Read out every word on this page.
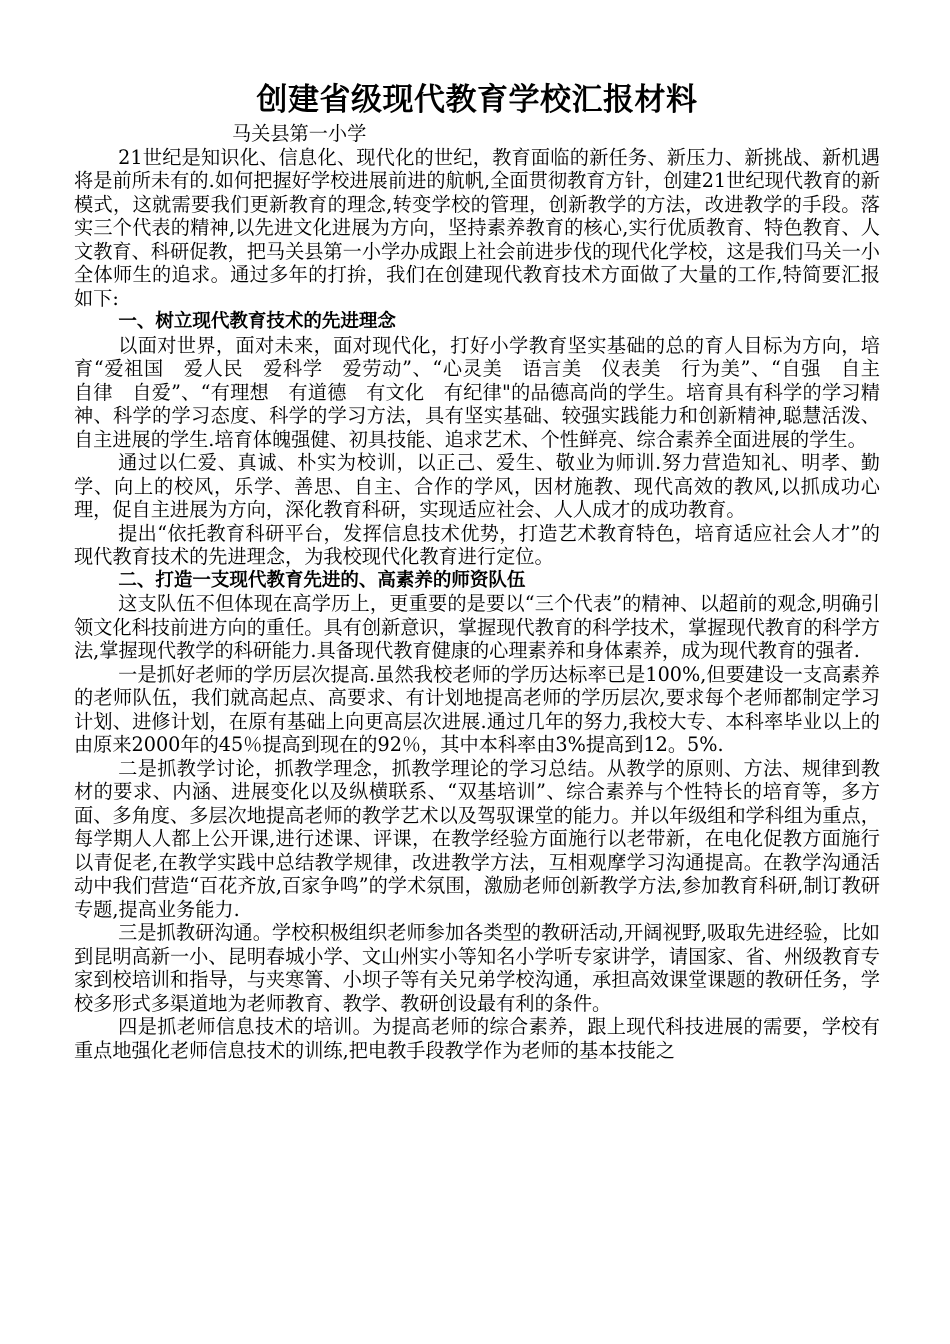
创建省级现代教育学校汇报材料

马关县第一小学

21世纪是知识化、信息化、现代化的世纪，教育面临的新任务、新压力、新挑战、新机遇将是前所未有的.如何把握好学校进展前进的航帆,全面贯彻教育方针，创建21世纪现代教育的新模式，这就需要我们更新教育的理念,转变学校的管理，创新教学的方法，改进教学的手段。落实三个代表的精神,以先进文化进展为方向，坚持素养教育的核心,实行优质教育、特色教育、人文教育、科研促教，把马关县第一小学办成跟上社会前进步伐的现代化学校，这是我们马关一小全体师生的追求。通过多年的打拚，我们在创建现代教育技术方面做了大量的工作,特简要汇报如下:

一、树立现代教育技术的先进理念

以面对世界，面对未来，面对现代化，打好小学教育坚实基础的总的育人目标为方向，培育“爱祖国　爱人民　爱科学　爱劳动”、“心灵美　语言美　仪表美　行为美”、“自强　自主　自律　自爱”、“有理想　有道德　有文化　有纪律"的品德高尚的学生。培育具有科学的学习精神、科学的学习态度、科学的学习方法，具有坚实基础、较强实践能力和创新精神,聪慧活泼、自主进展的学生.培育体魄强健、初具技能、追求艺术、个性鲜亮、综合素养全面进展的学生。

通过以仁爱、真诚、朴实为校训，以正己、爱生、敬业为师训.努力营造知礼、明孝、勤学、向上的校风，乐学、善思、自主、合作的学风，因材施教、现代高效的教风,以抓成功心理，促自主进展为方向，深化教育科研，实现适应社会、人人成才的成功教育。

提出“依托教育科研平台，发挥信息技术优势，打造艺术教育特色，培育适应社会人才”的现代教育技术的先进理念，为我校现代化教育进行定位。

二、打造一支现代教育先进的、高素养的师资队伍

这支队伍不但体现在高学历上，更重要的是要以“三个代表”的精神、以超前的观念,明确引领文化科技前进方向的重任。具有创新意识，掌握现代教育的科学技术，掌握现代教育的科学方法,掌握现代教学的科研能力.具备现代教育健康的心理素养和身体素养，成为现代教育的强者.

一是抓好老师的学历层次提高.虽然我校老师的学历达标率已是100%,但要建设一支高素养的老师队伍，我们就高起点、高要求、有计划地提高老师的学历层次,要求每个老师都制定学习计划、进修计划，在原有基础上向更高层次进展.通过几年的努力,我校大专、本科率毕业以上的由原来2000年的45％提高到现在的92％，其中本科率由3%提高到12。5%.

二是抓教学讨论，抓教学理念，抓教学理论的学习总结。从教学的原则、方法、规律到教材的要求、内涵、进展变化以及纵横联系、“双基培训”、综合素养与个性特长的培育等，多方面、多角度、多层次地提高老师的教学艺术以及驾驭课堂的能力。并以年级组和学科组为重点，每学期人人都上公开课,进行述课、评课，在教学经验方面施行以老带新，在电化促教方面施行以青促老,在教学实践中总结教学规律，改进教学方法，互相观摩学习沟通提高。在教学沟通活动中我们营造“百花齐放,百家争鸣”的学术氛围，激励老师创新教学方法,参加教育科研,制订教研专题,提高业务能力.

三是抓教研沟通。学校积极组织老师参加各类型的教研活动,开阔视野,吸取先进经验，比如到昆明高新一小、昆明春城小学、文山州实小等知名小学听专家讲学，请国家、省、州级教育专家到校培训和指导，与夹寒箐、小坝子等有关兄弟学校沟通，承担高效课堂课题的教研任务，学校多形式多渠道地为老师教育、教学、教研创设最有利的条件。

四是抓老师信息技术的培训。为提高老师的综合素养，跟上现代科技进展的需要，学校有重点地强化老师信息技术的训练,把电教手段教学作为老师的基本技能之
